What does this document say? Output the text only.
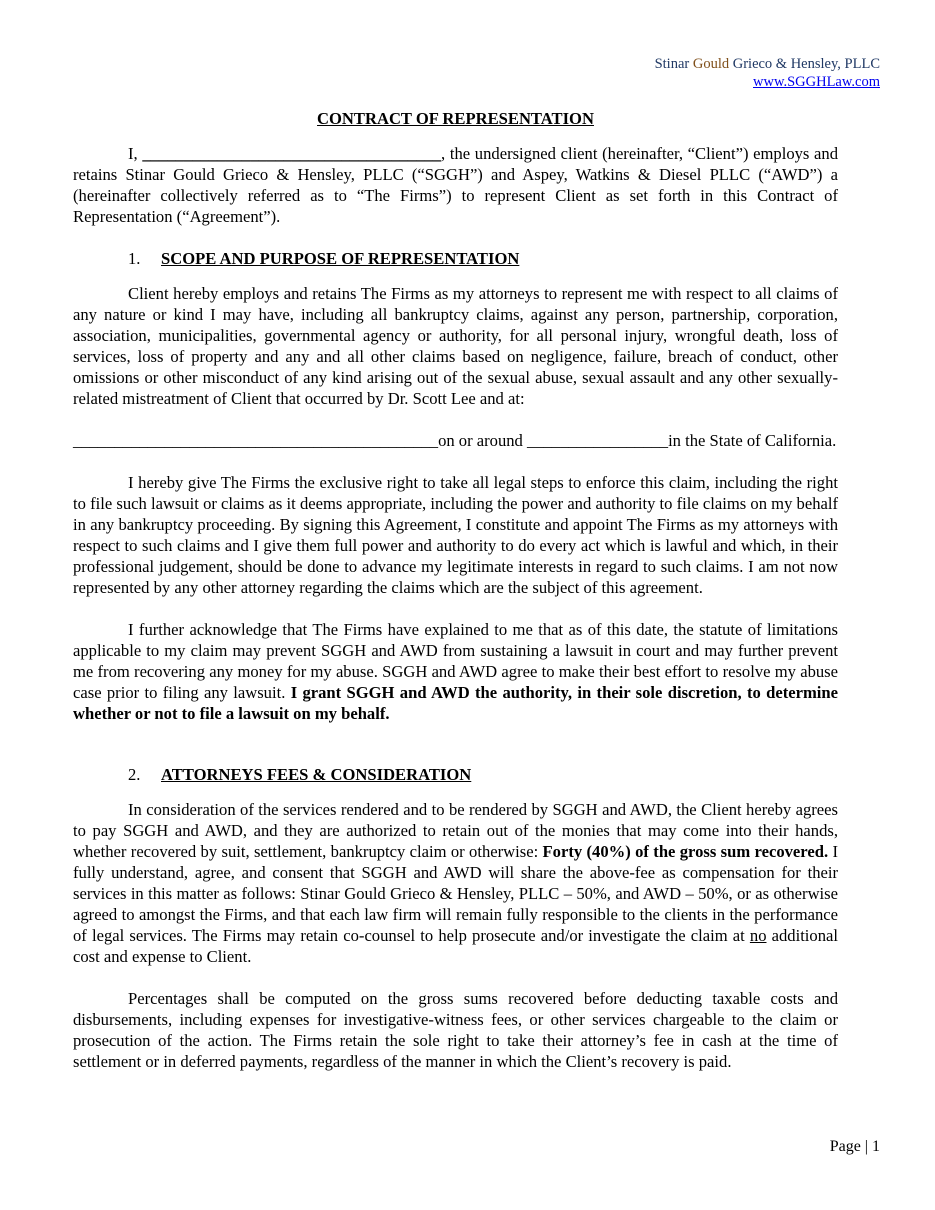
Stinar Gould Grieco & Hensley, PLLC
www.SGGHLaw.com
CONTRACT OF REPRESENTATION

I, ____________________________________, the undersigned client (hereinafter, “Client”) employs and retains Stinar Gould Grieco & Hensley, PLLC (“SGGH”) and Aspey, Watkins & Diesel PLLC (“AWD”) a (hereinafter collectively referred as to “The Firms”) to represent Client as set forth in this Contract of Representation (“Agreement”).

1. SCOPE AND PURPOSE OF REPRESENTATION

Client hereby employs and retains The Firms as my attorneys to represent me with respect to all claims of any nature or kind I may have, including all bankruptcy claims, against any person, partnership, corporation, association, municipalities, governmental agency or authority, for all personal injury, wrongful death, loss of services, loss of property and any and all other claims based on negligence, failure, breach of conduct, other omissions or other misconduct of any kind arising out of the sexual abuse, sexual assault and any other sexually-related mistreatment of Client that occurred by Dr. Scott Lee and at:

____________________________________________on or around _________________in the State of California.

I hereby give The Firms the exclusive right to take all legal steps to enforce this claim, including the right to file such lawsuit or claims as it deems appropriate, including the power and authority to file claims on my behalf in any bankruptcy proceeding. By signing this Agreement, I constitute and appoint The Firms as my attorneys with respect to such claims and I give them full power and authority to do every act which is lawful and which, in their professional judgement, should be done to advance my legitimate interests in regard to such claims. I am not now represented by any other attorney regarding the claims which are the subject of this agreement.

I further acknowledge that The Firms have explained to me that as of this date, the statute of limitations applicable to my claim may prevent SGGH and AWD from sustaining a lawsuit in court and may further prevent me from recovering any money for my abuse. SGGH and AWD agree to make their best effort to resolve my abuse case prior to filing any lawsuit. I grant SGGH and AWD the authority, in their sole discretion, to determine whether or not to file a lawsuit on my behalf.

2. ATTORNEYS FEES & CONSIDERATION

In consideration of the services rendered and to be rendered by SGGH and AWD, the Client hereby agrees to pay SGGH and AWD, and they are authorized to retain out of the monies that may come into their hands, whether recovered by suit, settlement, bankruptcy claim or otherwise: Forty (40%) of the gross sum recovered. I fully understand, agree, and consent that SGGH and AWD will share the above-fee as compensation for their services in this matter as follows: Stinar Gould Grieco & Hensley, PLLC – 50%, and AWD – 50%, or as otherwise agreed to amongst the Firms, and that each law firm will remain fully responsible to the clients in the performance of legal services. The Firms may retain co-counsel to help prosecute and/or investigate the claim at no additional cost and expense to Client.

Percentages shall be computed on the gross sums recovered before deducting taxable costs and disbursements, including expenses for investigative-witness fees, or other services chargeable to the claim or prosecution of the action. The Firms retain the sole right to take their attorney’s fee in cash at the time of settlement or in deferred payments, regardless of the manner in which the Client’s recovery is paid.

Page | 1
